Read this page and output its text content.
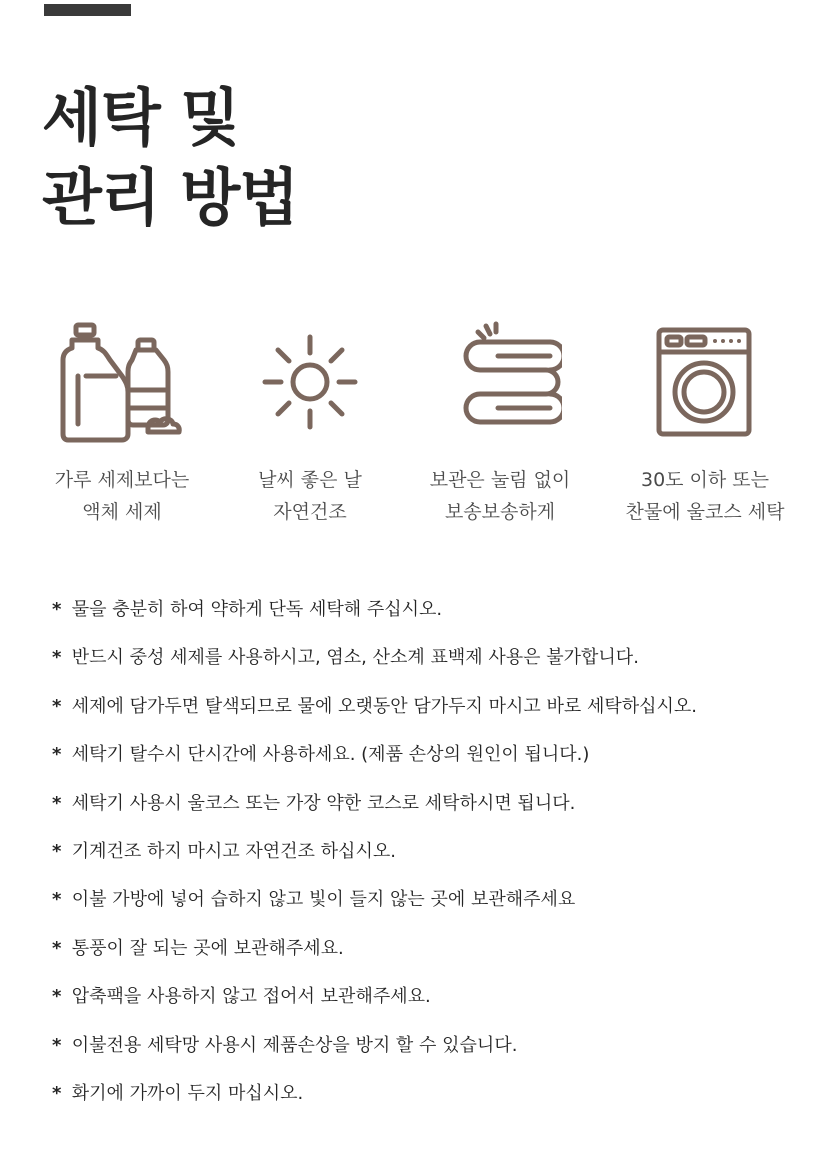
세탁 및
관리 방법
가루 세제보다는
액체 세제
날씨 좋은 날
자연건조
보관은 눌림 없이
보송보송하게
30도 이하 또는
찬물에 울코스 세탁
* 물을 충분히 하여 약하게 단독 세탁해 주십시오.
* 반드시 중성 세제를 사용하시고, 염소, 산소계 표백제 사용은 불가합니다.
* 세제에 담가두면 탈색되므로 물에 오랫동안 담가두지 마시고 바로 세탁하십시오.
* 세탁기 탈수시 단시간에 사용하세요. (제품 손상의 원인이 됩니다.)
* 세탁기 사용시 울코스 또는 가장 약한 코스로 세탁하시면 됩니다.
* 기계건조 하지 마시고 자연건조 하십시오.
* 이불 가방에 넣어 습하지 않고 빛이 들지 않는 곳에 보관해주세요
* 통풍이 잘 되는 곳에 보관해주세요.
* 압축팩을 사용하지 않고 접어서 보관해주세요.
* 이불전용 세탁망 사용시 제품손상을 방지 할 수 있습니다.
* 화기에 가까이 두지 마십시오.
